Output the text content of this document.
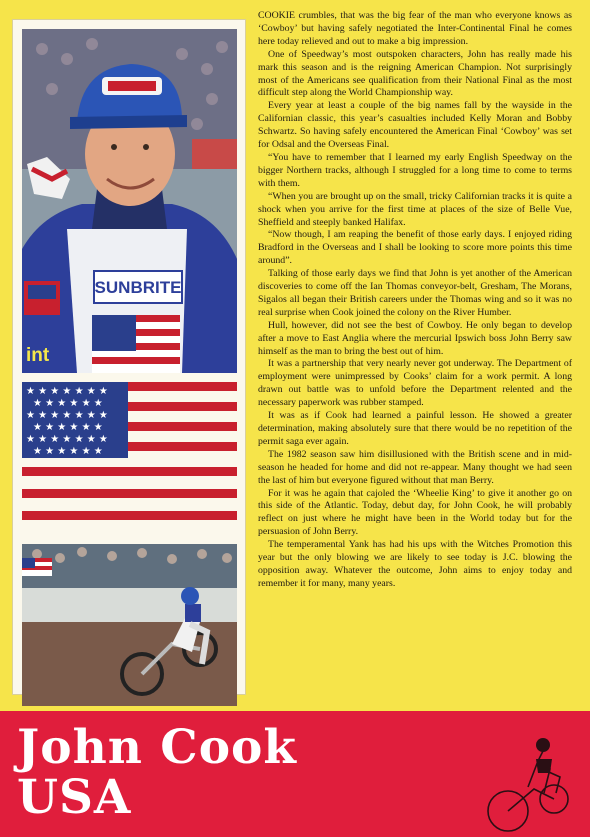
SUNBRITE
int
★ ★ ★ ★ ★ ★ ★
★ ★ ★ ★ ★ ★
★ ★ ★ ★ ★ ★ ★
★ ★ ★ ★ ★ ★
★ ★ ★ ★ ★ ★ ★
★ ★ ★ ★ ★ ★

COOKIE crumbles, that was the big fear of the man who everyone knows as ‘Cowboy’ but having safely negotiated the Inter-Continental Final he comes here today relieved and out to make a big impression.

One of Speedway’s most outspoken characters, John has really made his mark this season and is the reigning American Champion. Not surprisingly most of the Americans see qualification from their National Final as the most difficult step along the World Championship way.

Every year at least a couple of the big names fall by the wayside in the Californian classic, this year’s casualties included Kelly Moran and Bobby Schwartz. So having safely encountered the American Final ‘Cowboy’ was set for Odsal and the Overseas Final.

“You have to remember that I learned my early English Speedway on the bigger Northern tracks, although I struggled for a long time to come to terms with them.

“When you are brought up on the small, tricky Californian tracks it is quite a shock when you arrive for the first time at places of the size of Belle Vue, Sheffield and steeply banked Halifax.

“Now though, I am reaping the benefit of those early days. I enjoyed riding Bradford in the Overseas and I shall be looking to score more points this time around”.

Talking of those early days we find that John is yet another of the American discoveries to come off the Ian Thomas conveyor-belt, Gresham, The Morans, Sigalos all began their British careers under the Thomas wing and so it was no real surprise when Cook joined the colony on the River Humber.

Hull, however, did not see the best of Cowboy. He only began to develop after a move to East Anglia where the mercurial Ipswich boss John Berry saw himself as the man to bring the best out of him.

It was a partnership that very nearly never got underway. The Department of employment were unimpressed by Cooks’ claim for a work permit. A long drawn out battle was to unfold before the Department relented and the necessary paperwork was rubber stamped.

It was as if Cook had learned a painful lesson. He showed a greater determination, making absolutely sure that there would be no repetition of the permit saga ever again.

The 1982 season saw him disillusioned with the British scene and in mid-season he headed for home and did not re-appear. Many thought we had seen the last of him but everyone figured without that man Berry.

For it was he again that cajoled the ‘Wheelie King’ to give it another go on this side of the Atlantic. Today, debut day, for John Cook, he will probably reflect on just where he might have been in the World today but for the persuasion of John Berry.

The temperamental Yank has had his ups with the Witches Promotion this year but the only blowing we are likely to see today is J.C. blowing the opposition away. Whatever the outcome, John aims to enjoy today and remember it for many, many years.

John Cook
USA
